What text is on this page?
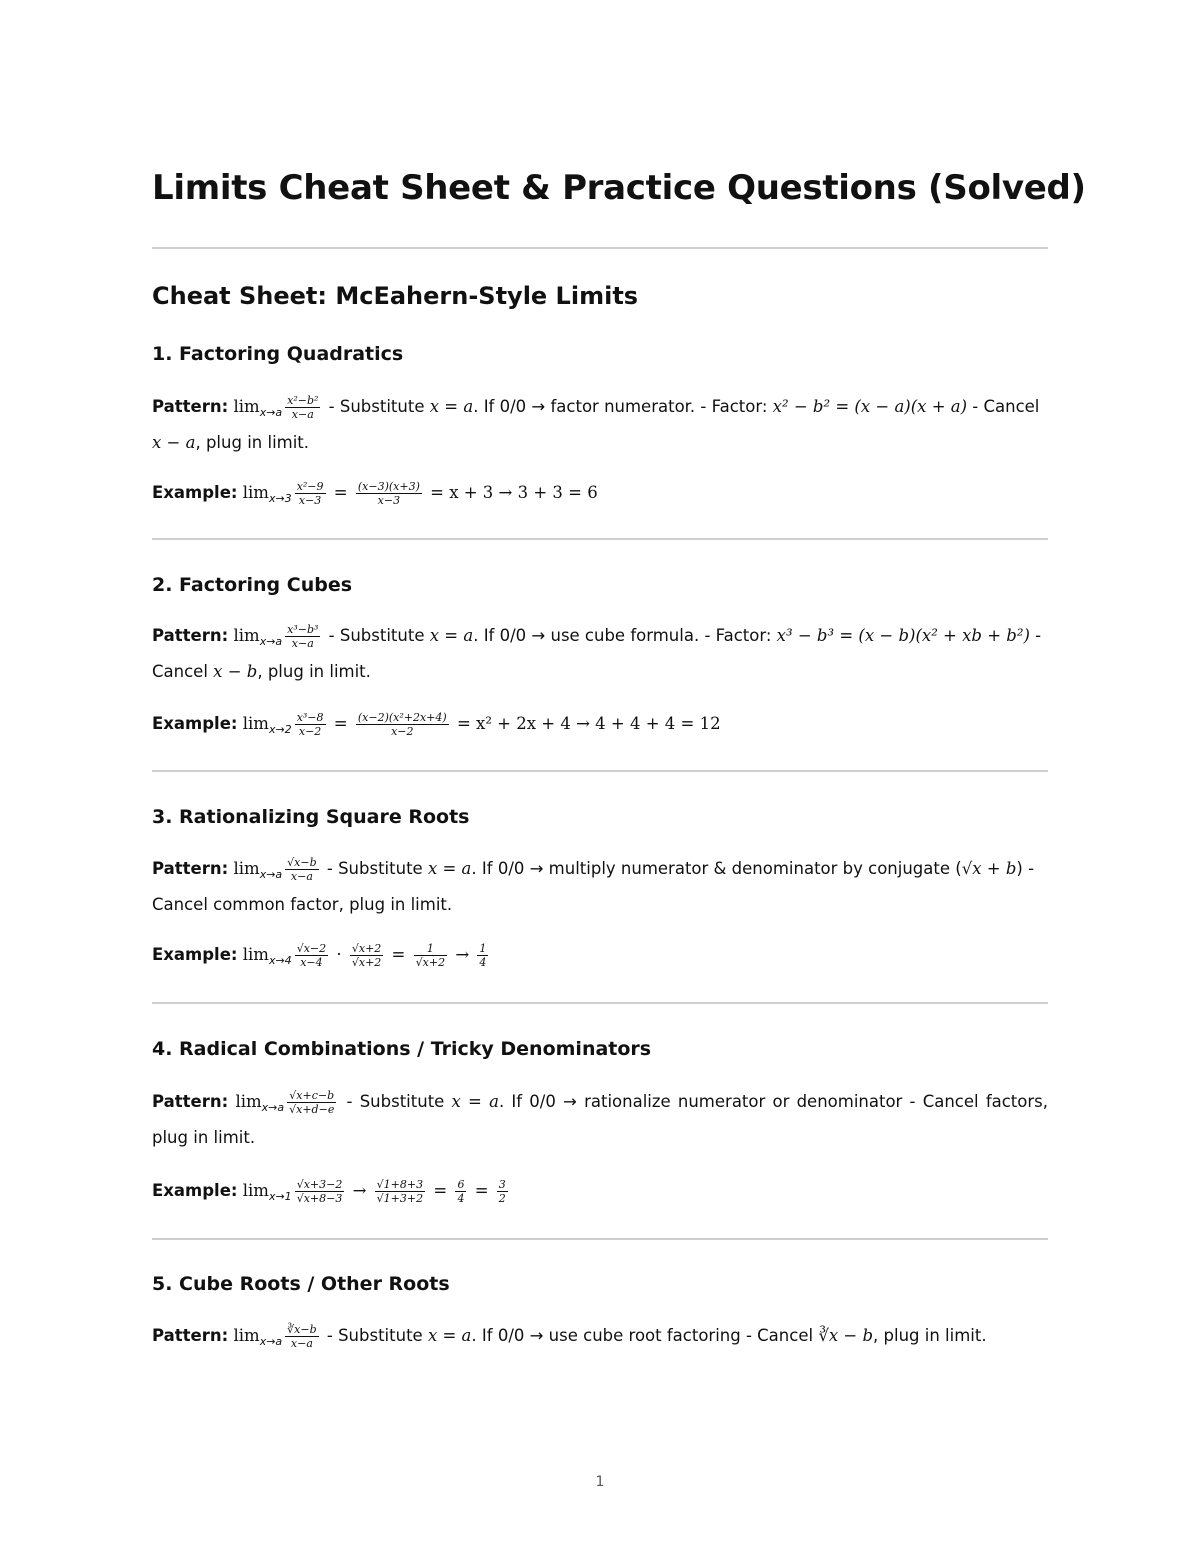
Limits Cheat Sheet & Practice Questions (Solved)
Cheat Sheet: McEahern-Style Limits
1. Factoring Quadratics

Pattern: $\lim_{x\to a} \frac{\text{x²−b²}}{x-a}$ - Substitute x = a. If 0/0 → factor numerator. - Factor: x² − b² = (x − a)(x + a) - Cancel x − a, plug in limit.

Example: $\lim_{x\to 3} \frac{\text{x²−9}}{x-3} = \frac{(x-3)(x+3)}{x-3} = x + 3 \to 3 + 3 = 6$

2. Factoring Cubes

Pattern: $\lim_{x\to a} \frac{\text{x³−b³}}{x-a}$ - Substitute x = a. If 0/0 → use cube formula. - Factor: x³ − b³ = (x − b)(x² + xb + b²) - Cancel x − b, plug in limit.

Example: $\lim_{x\to 2} \frac{\text{x³−8}}{x-2} = \frac{\text{(x−2)(x²+2x+4)}}{x-2} = x^2 + 2x + 4 \to 4 + 4 + 4 = 12$

3. Rationalizing Square Roots

Pattern: $\lim_{x\to a} \frac{√x-b}{x-a}$ - Substitute x = a. If 0/0 → multiply numerator & denominator by conjugate (√x + b) - Cancel common factor, plug in limit.

Example: $\lim_{x\to 4} \frac{√x-2}{x-4} \cdot \frac{√x+2}{√x+2} = \frac{1}{√x+2} \to \frac{1}{4}$

4. Radical Combinations / Tricky Denominators

Pattern: $\lim_{x\to a} \frac{√x+c-b}{√x+d-e}$ - Substitute x = a. If 0/0 → rationalize numerator or denominator - Cancel factors, plug in limit.

Example: $\lim_{x\to 1} \frac{√x+3-2}{√x+8-3} \to \frac{√1+8+3}{√1+3+2} = \frac{6}{4} = \frac{3}{2}$

5. Cube Roots / Other Roots

Pattern: $\lim_{x\to a} \frac{∛x-b}{x-a}$ - Substitute x = a. If 0/0 → use cube root factoring - Cancel ∛x − b, plug in limit.

1
